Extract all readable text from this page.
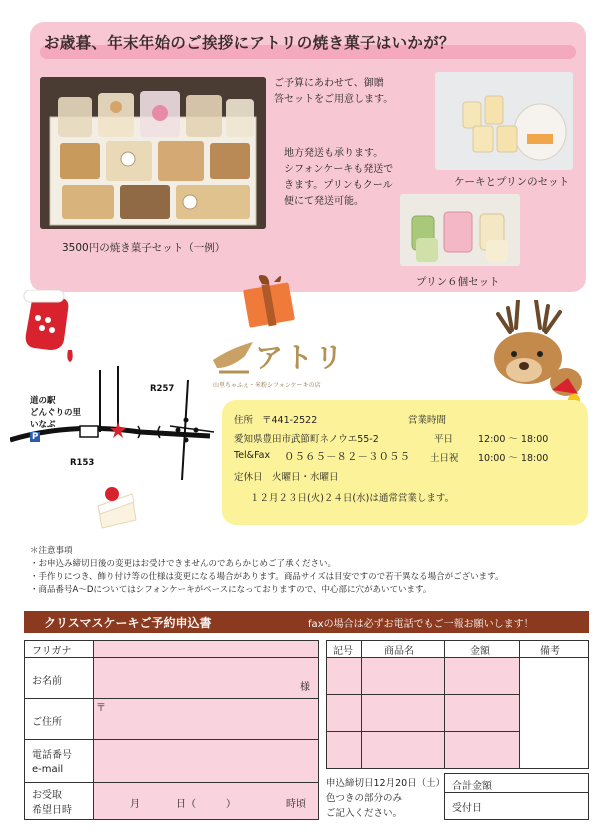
お歳暮、年末年始のご挨拶にアトリの焼き菓子はいかが？
3500円の焼き菓子セット（一例）
ご予算にあわせて、御贈
答セットをご用意します。
地方発送も承ります。
シフォンケーキも発送で
きます。プリンもクール
便にて発送可能。
ケーキとプリンのセット
プリン６個セット
アトリ
山里ちゃふぇ・米粉シフォンケーキの店
道の駅
どんぐりの里
いなぶ
P
R257
R153
住所 〒441-2522
愛知県豊田市武節町ネノウエ55-2
Tel&Fax ０５６５－８２－３０５５
定休日　火曜日・水曜日
１２月２３日(火)２４日(水)は通常営業します。
営業時間
平日	12:00 ～ 18:00
土日祝 10:00 ～ 18:00
＊注意事項
・お申込み締切日後の変更はお受けできませんのであらかじめご了承ください。
・手作りにつき、飾り付け等の仕様は変更になる場合があります。商品サイズは目安ですので若干異なる場合がございます。
・商品番号A～Dについてはシフォンケーキがベースになっておりますので、中心部に穴があいています。
クリスマスケーキご予約申込書	faxの場合は必ずお電話でもご一報お願いします！
フリガナ
お名前
様
ご住所
〒
電話番号
e-mail
お受取
希望日時
月	日（　　　）	時頃
記号	商品名	金額	備考
申込締切日12月20日（土）
色つきの部分のみ
ご記入ください。
合計金額
受付日
